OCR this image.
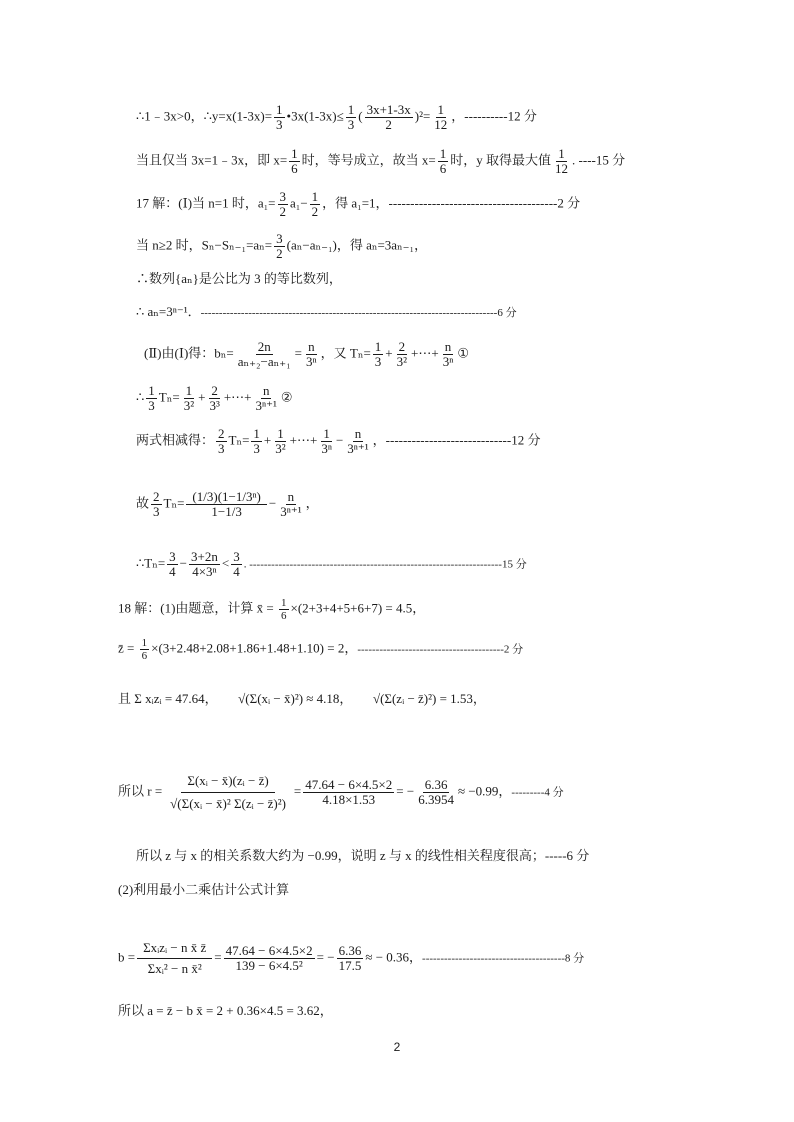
∴1﹣3x>0，∴y=x(1-3x)= $\frac{1}{3}$ •3x(1-3x)≤ $\frac{1}{3}$ ( $\frac{3x+1-3x}{2} )^2= \frac{1}{12}$ ，----------12 分
当且仅当 3x=1﹣3x，即 $x= \frac{1}{6}$ 时，等号成立，故当 $x= \frac{1}{6}$ 时，y 取得最大值 $\frac{1}{12}$ . ----15 分
17 解：(Ⅰ)当 n=1 时，$a_1= \frac{3}{2} a_1- \frac{1}{2}$ ，得 a₁=1，---------------------------------------2 分
当 n≥2 时，$S_n-S_{n-1}=a_n= \frac{3}{2} (a_n-a_{n-1})$，得 aₙ=3aₙ₋₁，
∴数列{aₙ}是公比为 3 的等比数列，
∴ aₙ=3ⁿ⁻¹．---------------------------------------------------------------------------------6 分
(Ⅱ)由(Ⅰ)得：$b_n= \frac{2n}{\text{aₙ₊₂−aₙ₊₁}} = \frac{n}{\text{3ⁿ}}$ ，又 $T_n= \frac{1}{3} + \frac{2}{\text{3²}}$ +⋯+ $\frac{n}{\text{3ⁿ}}$ ①
∴ $\frac{1}{3} T_n= \frac{1}{\text{3²}} + \frac{2}{\text{3³}}$ +⋯+ $\frac{n}{\text{3ⁿ⁺¹}}$ ②
两式相减得： $\frac{2}{3} T_n= \frac{1}{3} + \frac{1}{\text{3²}}$ +⋯+ $\frac{1}{\text{3ⁿ}} - \frac{n}{\text{3ⁿ⁺¹}}$ ，-----------------------------12 分
故 $\frac{2}{3} T_n= \frac{\text{(1/3)(1−1/3ⁿ)}}{1-1/3} - \frac{n}{\text{3ⁿ⁺¹}}$ ，
∴Tₙ= $\frac{3}{4} - \frac{3+2n}{\text{4×3ⁿ}} < \frac{3}{4}$ . ---------------------------------------------------------------------15 分
18 解：(1)由题意，计算 x̄ = $\frac{1}{6} \times(2+3+4+5+6+7) = 4.5$，
z̄ = $\frac{1}{6} \times(3+2.48+2.08+1.86+1.48+1.10) = 2$，----------------------------------------2 分
且 Σ xᵢzᵢ = 47.64， √(Σ(xᵢ − x̄)²) ≈ 4.18， √(Σ(zᵢ − z̄)²) = 1.53，
所以 $r = \frac{\text{Σ(xᵢ − x̄)(zᵢ − z̄)}}{\text{√(Σ(xᵢ − x̄)² Σ(zᵢ − z̄)²)}} = \frac{47.64 - 6\times 4.5\times 2}{4.18\times 1.53}$ = − $\frac{6.36}{6.3954} \approx -0.99$，---------4 分
所以 z 与 x 的相关系数大约为 −0.99，说明 z 与 x 的线性相关程度很高；-----6 分
(2)利用最小二乘估计公式计算
$b = \frac{\text{Σxᵢzᵢ − n x̄ z̄}}{\text{Σxᵢ² − n x̄²}} = \frac{47.64 - 6\times 4.5\times 2}{\text{139 − 6×4.5²}}$ = − $\frac{6.36}{17.5}$ ≈ − 0.36，---------------------------------------8 分
所以 a = z̄ − b x̄ = 2 + 0.36×4.5 = 3.62，
2
